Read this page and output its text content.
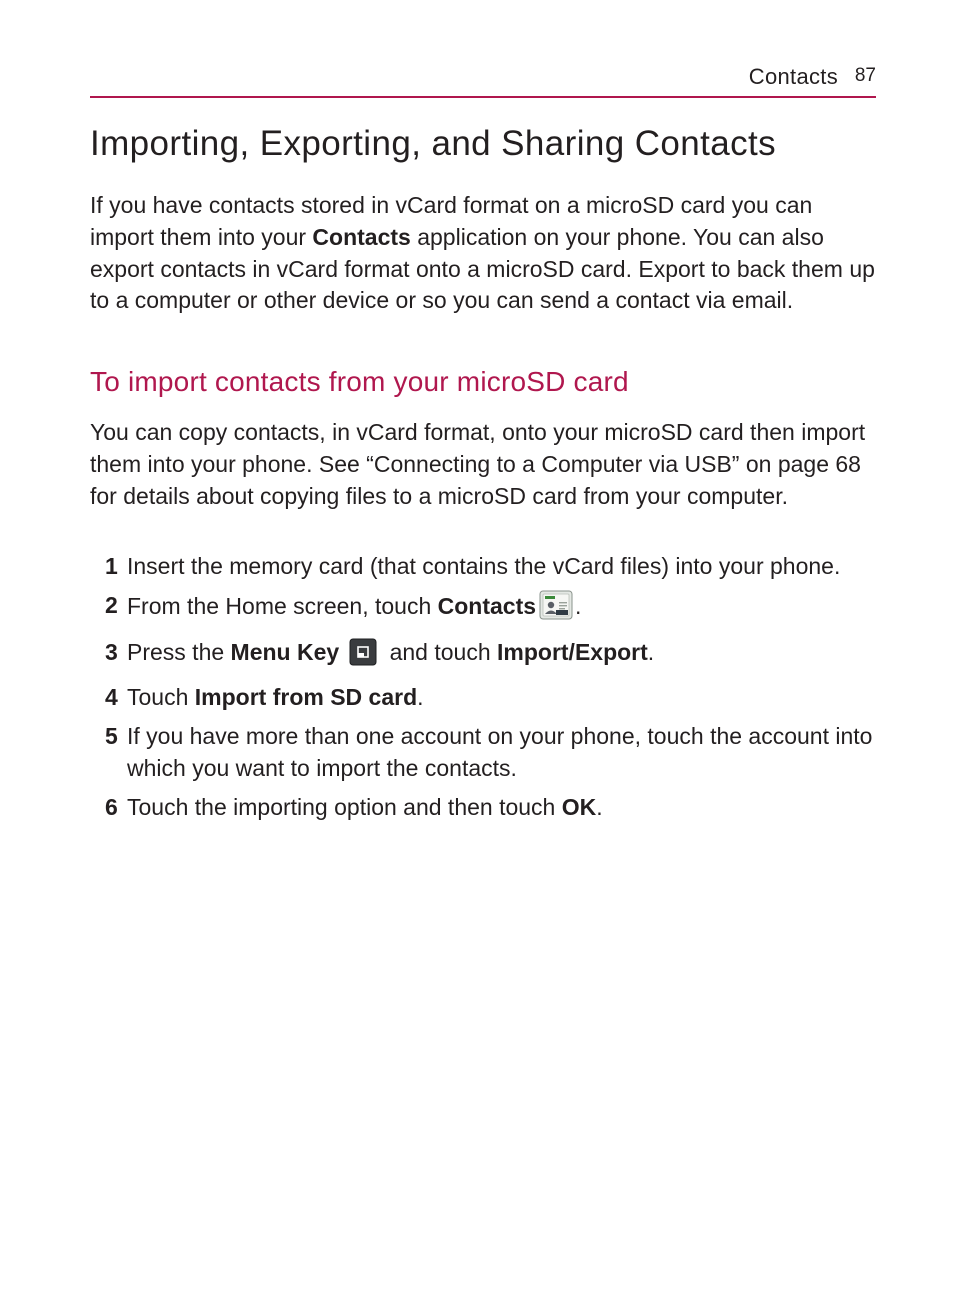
Contacts 87
Importing, Exporting, and Sharing Contacts

If you have contacts stored in vCard format on a microSD card you can import them into your Contacts application on your phone. You can also export contacts in vCard format onto a microSD card. Export to back them up to a computer or other device or so you can send a contact via email.

To import contacts from your microSD card

You can copy contacts, in vCard format, onto your microSD card then import them into your phone. See “Connecting to a Computer via USB” on page 68 for details about copying files to a microSD card from your computer.

1 Insert the memory card (that contains the vCard files) into your phone.
2 From the Home screen, touch Contacts .
3 Press the Menu Key and touch Import/Export.
4 Touch Import from SD card.
5 If you have more than one account on your phone, touch the account into which you want to import the contacts.
6 Touch the importing option and then touch OK.
